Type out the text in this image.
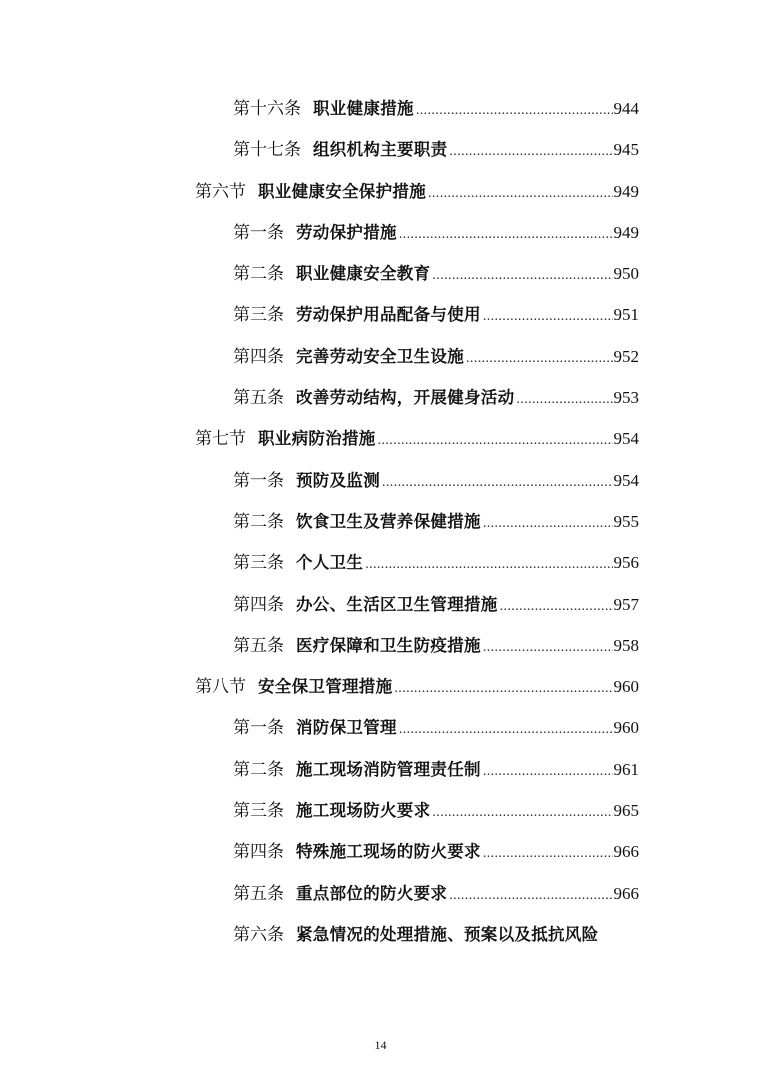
第十六条 职业健康措施 .....	944
第十七条 组织机构主要职责 .....	945
第六节 职业健康安全保护措施 .....	949
第一条 劳动保护措施 .....	949
第二条 职业健康安全教育 .....	950
第三条 劳动保护用品配备与使用 .....	951
第四条 完善劳动安全卫生设施 .....	952
第五条 改善劳动结构，开展健身活动 .....	953
第七节 职业病防治措施 .....	954
第一条 预防及监测 .....	954
第二条 饮食卫生及营养保健措施 .....	955
第三条 个人卫生 .....	956
第四条 办公、生活区卫生管理措施 .....	957
第五条 医疗保障和卫生防疫措施 .....	958
第八节 安全保卫管理措施 .....	960
第一条 消防保卫管理 .....	960
第二条 施工现场消防管理责任制 .....	961
第三条 施工现场防火要求 .....	965
第四条 特殊施工现场的防火要求 .....	966
第五条 重点部位的防火要求 .....	966
第六条 紧急情况的处理措施、预案以及抵抗风险
14
